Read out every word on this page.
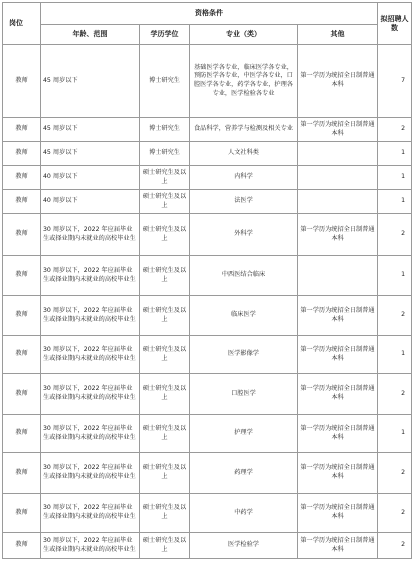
岗位	资格条件				拟招聘人数
	年龄、范围	学历学位	专业（类）	其他	
教师	45 周岁以下	博士研究生	基础医学各专业，临床医学各专业，预防医学各专业，中医学各专业，口腔医学各专业，药学各专业，护理各专业，医学检验各专业	第一学历为统招全日制普通本科	7
教师	45 周岁以下	博士研究生	食品科学，营养学与检测及相关专业	第一学历为统招全日制普通本科	2
教师	45 周岁以下	博士研究生	人文社科类		1
教师	40 周岁以下	硕士研究生及以上	内科学		1
教师	40 周岁以下	硕士研究生及以上	法医学		1
教师	30 周岁以下，2022 年应届毕业生或择业期内未就业的高校毕业生	硕士研究生及以上	外科学	第一学历为统招全日制普通本科	2
教师	30 周岁以下，2022 年应届毕业生或择业期内未就业的高校毕业生	硕士研究生及以上	中西医结合临床		1
教师	30 周岁以下，2022 年应届毕业生或择业期内未就业的高校毕业生	硕士研究生及以上	临床医学	第一学历为统招全日制普通本科	2
教师	30 周岁以下，2022 年应届毕业生或择业期内未就业的高校毕业生	硕士研究生及以上	医学影像学	第一学历为统招全日制普通本科	1
教师	30 周岁以下，2022 年应届毕业生或择业期内未就业的高校毕业生	硕士研究生及以上	口腔医学	第一学历为统招全日制普通本科	2
教师	30 周岁以下，2022 年应届毕业生或择业期内未就业的高校毕业生	硕士研究生及以上	护理学	第一学历为统招全日制普通本科	1
教师	30 周岁以下，2022 年应届毕业生或择业期内未就业的高校毕业生	硕士研究生及以上	药理学	第一学历为统招全日制普通本科	2
教师	30 周岁以下，2022 年应届毕业生或择业期内未就业的高校毕业生	硕士研究生及以上	中药学	第一学历为统招全日制普通本科	2
教师	30 周岁以下，2022 年应届毕业生或择业期内未就业的高校毕业生	硕士研究生及以上	医学检验学	第一学历为统招全日制普通本科	2
